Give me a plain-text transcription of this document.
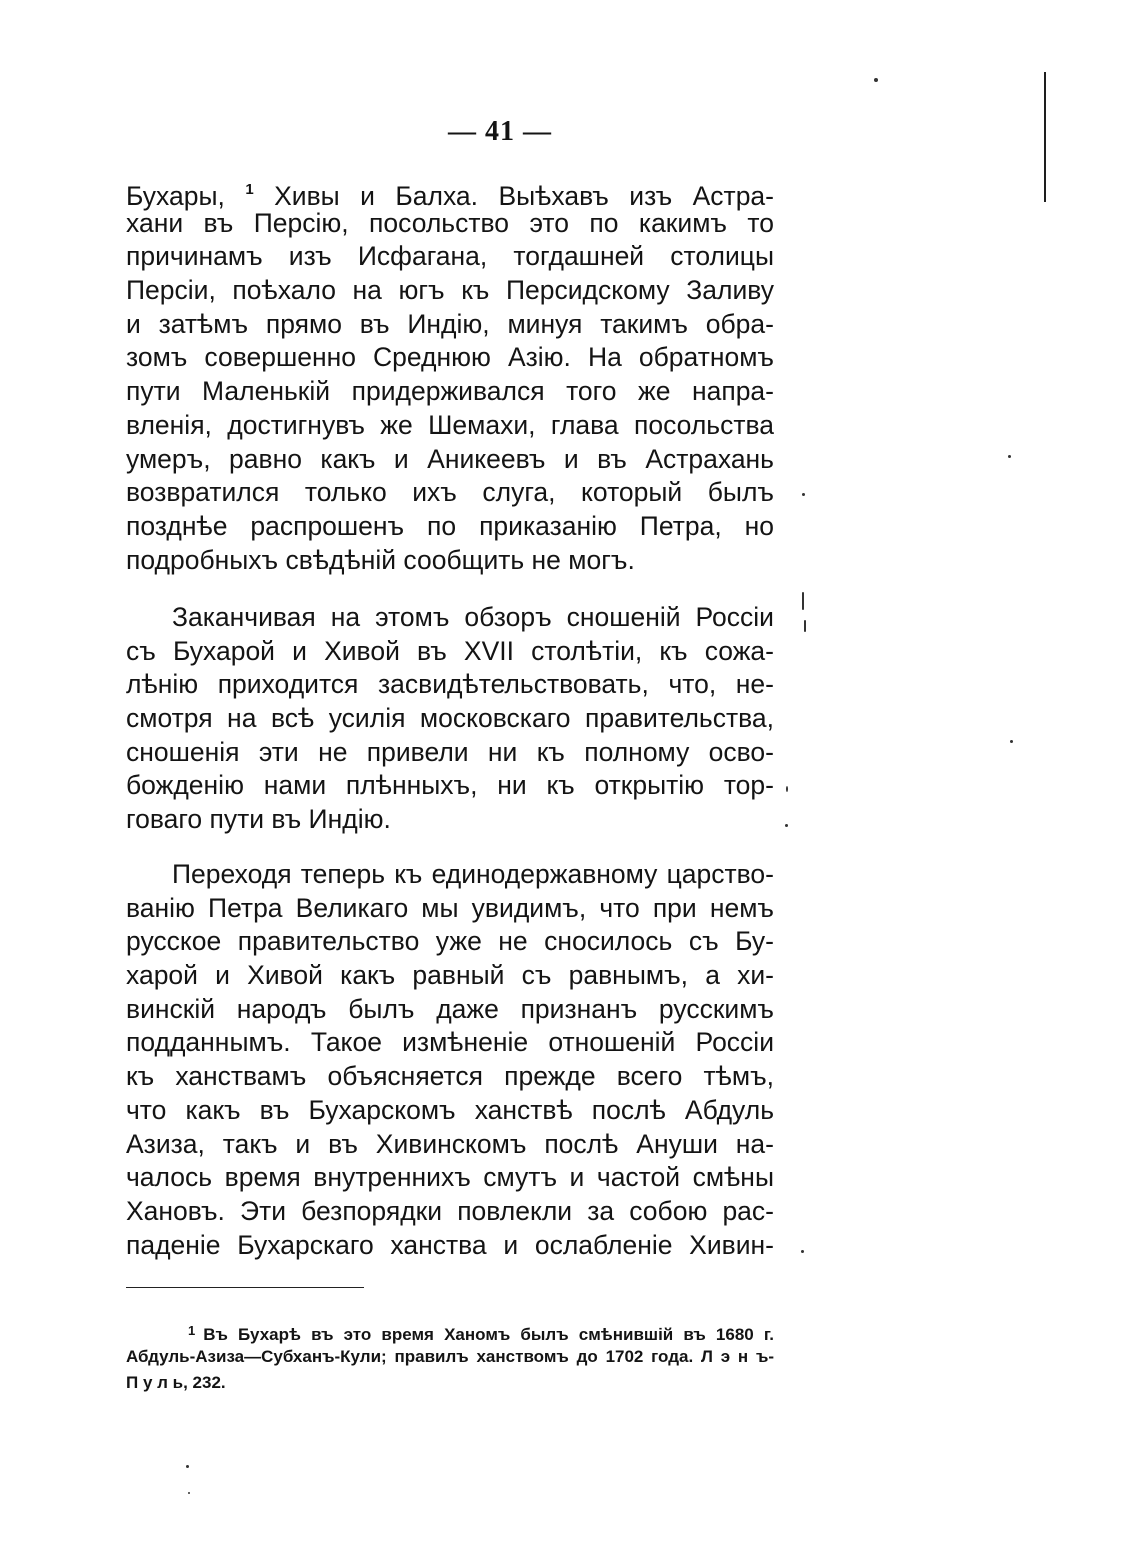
— 41 —
Бухары, $^1$ Хивы и Балха. Выѣхавъ изъ Астра-
хани въ Персію, посольство это по какимъ то
причинамъ изъ Исфагана, тогдашней столицы
Персіи, поѣхало на югъ къ Персидскому Заливу
и затѣмъ прямо въ Индію, минуя такимъ обра-
зомъ совершенно Среднюю Азію. На обратномъ
пути Маленькій придерживался того же напра-
вленія, достигнувъ же Шемахи, глава посольства
умеръ, равно какъ и Аникеевъ и въ Астрахань
возвратился только ихъ слуга, который былъ
позднѣе распрошенъ по приказанію Петра, но
подробныхъ свѣдѣній сообщить не могъ.
Заканчивая на этомъ обзоръ сношеній Россіи
съ Бухарой и Хивой въ XVII столѣтіи, къ сожа-
лѣнію приходится засвидѣтельствовать, что, не-
смотря на всѣ усилія московскаго правительства,
сношенія эти не привели ни къ полному осво-
божденію нами плѣнныхъ, ни къ открытію тор-
говаго пути въ Индію.
Переходя теперь къ единодержавному царство-
ванію Петра Великаго мы увидимъ, что при немъ
русское правительство уже не сносилось съ Бу-
харой и Хивой какъ равный съ равнымъ, а хи-
винскій народъ былъ даже признанъ русскимъ
подданнымъ. Такое измѣненіе отношеній Россіи
къ ханствамъ объясняется прежде всего тѣмъ,
что какъ въ Бухарскомъ ханствѣ послѣ Абдуль
Азиза, такъ и въ Хивинскомъ послѣ Ануши на-
чалось время внутреннихъ смутъ и частой смѣны
Хановъ. Эти безпорядки повлекли за собою рас-
паденіе Бухарскаго ханства и ослабленіе Хивин-
$^1$ Въ Бухарѣ въ это время Ханомъ былъ смѣнившій въ 1680 г.
Абдуль-Азиза—Субханъ-Кули; правилъ ханствомъ до 1702 года. Л э н ъ-
П у л ь, 232.
